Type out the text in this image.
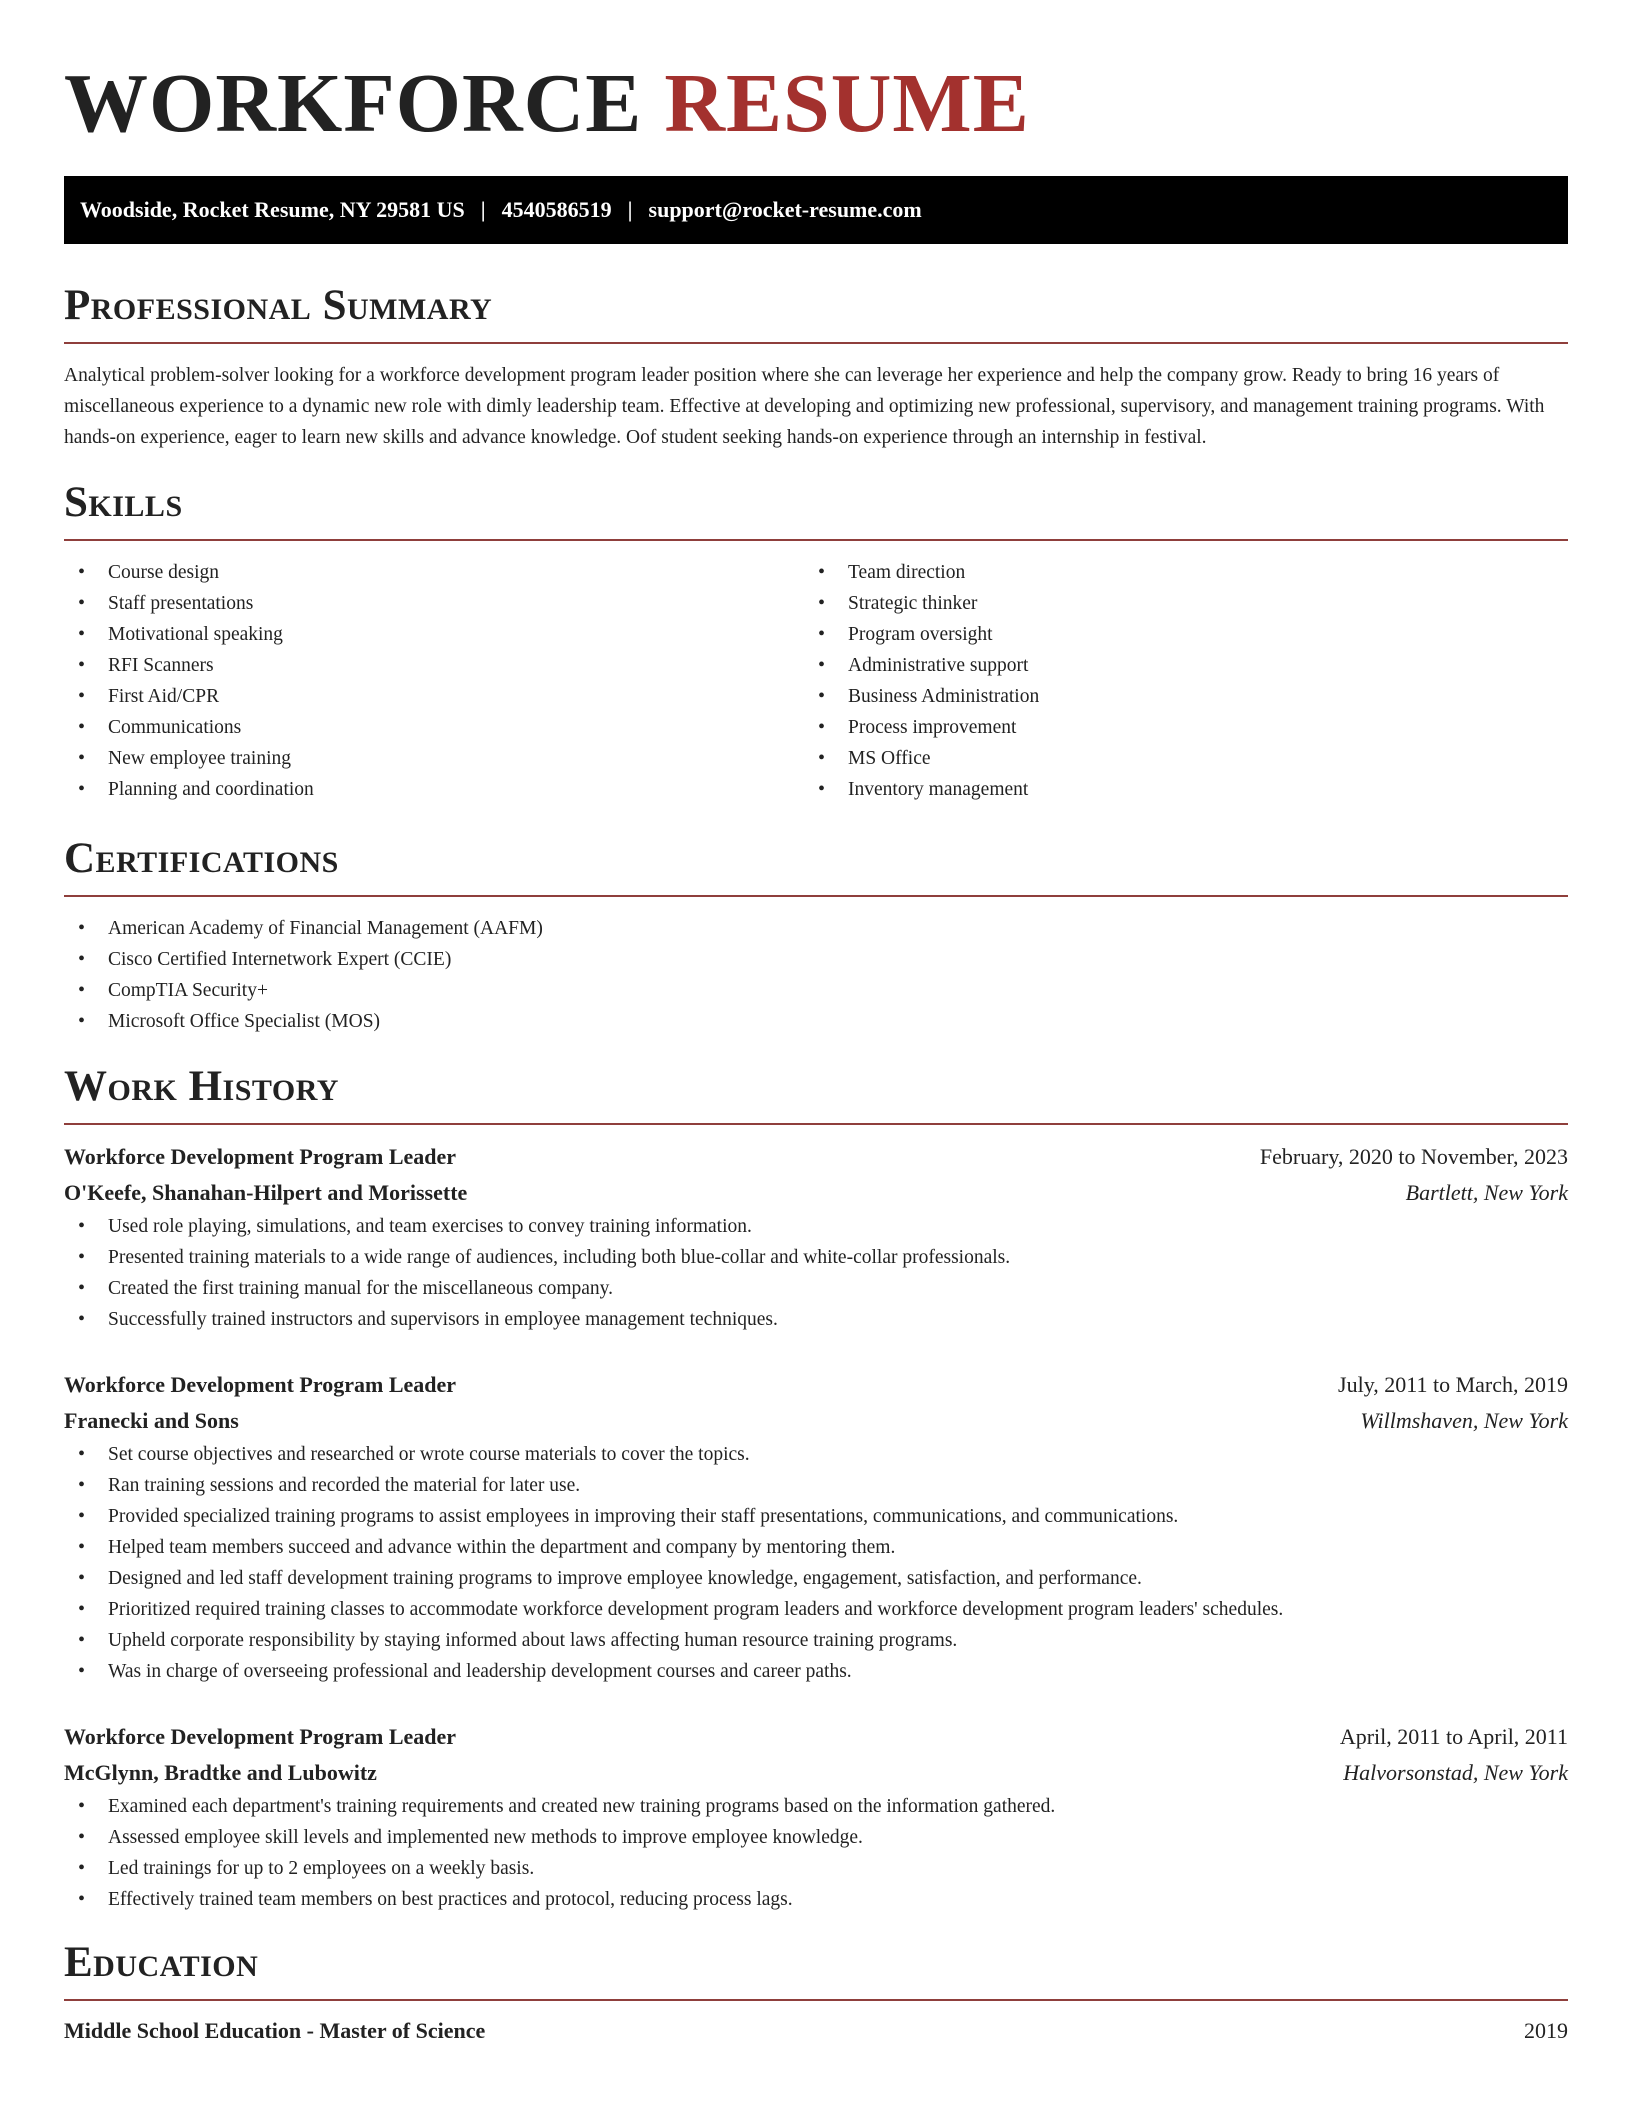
WORKFORCE RESUME
Woodside, Rocket Resume, NY 29581 US | 4540586519 | support@rocket-resume.com
Professional Summary

Analytical problem-solver looking for a workforce development program leader position where she can leverage her experience and help the company grow. Ready to bring 16 years of miscellaneous experience to a dynamic new role with dimly leadership team. Effective at developing and optimizing new professional, supervisory, and management training programs. With hands-on experience, eager to learn new skills and advance knowledge. Oof student seeking hands-on experience through an internship in festival.

Skills
• Course design
• Staff presentations
• Motivational speaking
• RFI Scanners
• First Aid/CPR
• Communications
• New employee training
• Planning and coordination
• Team direction
• Strategic thinker
• Program oversight
• Administrative support
• Business Administration
• Process improvement
• MS Office
• Inventory management
Certifications
• American Academy of Financial Management (AAFM)
• Cisco Certified Internetwork Expert (CCIE)
• CompTIA Security+
• Microsoft Office Specialist (MOS)
Work History
Workforce Development Program Leader	February, 2020 to November, 2023
O'Keefe, Shanahan-Hilpert and Morissette	Bartlett, New York
• Used role playing, simulations, and team exercises to convey training information.
• Presented training materials to a wide range of audiences, including both blue-collar and white-collar professionals.
• Created the first training manual for the miscellaneous company.
• Successfully trained instructors and supervisors in employee management techniques.
Workforce Development Program Leader	July, 2011 to March, 2019
Franecki and Sons	Willmshaven, New York
• Set course objectives and researched or wrote course materials to cover the topics.
• Ran training sessions and recorded the material for later use.
• Provided specialized training programs to assist employees in improving their staff presentations, communications, and communications.
• Helped team members succeed and advance within the department and company by mentoring them.
• Designed and led staff development training programs to improve employee knowledge, engagement, satisfaction, and performance.
• Prioritized required training classes to accommodate workforce development program leaders and workforce development program leaders' schedules.
• Upheld corporate responsibility by staying informed about laws affecting human resource training programs.
• Was in charge of overseeing professional and leadership development courses and career paths.
Workforce Development Program Leader	April, 2011 to April, 2011
McGlynn, Bradtke and Lubowitz	Halvorsonstad, New York
• Examined each department's training requirements and created new training programs based on the information gathered.
• Assessed employee skill levels and implemented new methods to improve employee knowledge.
• Led trainings for up to 2 employees on a weekly basis.
• Effectively trained team members on best practices and protocol, reducing process lags.
Education
Middle School Education - Master of Science	2019
